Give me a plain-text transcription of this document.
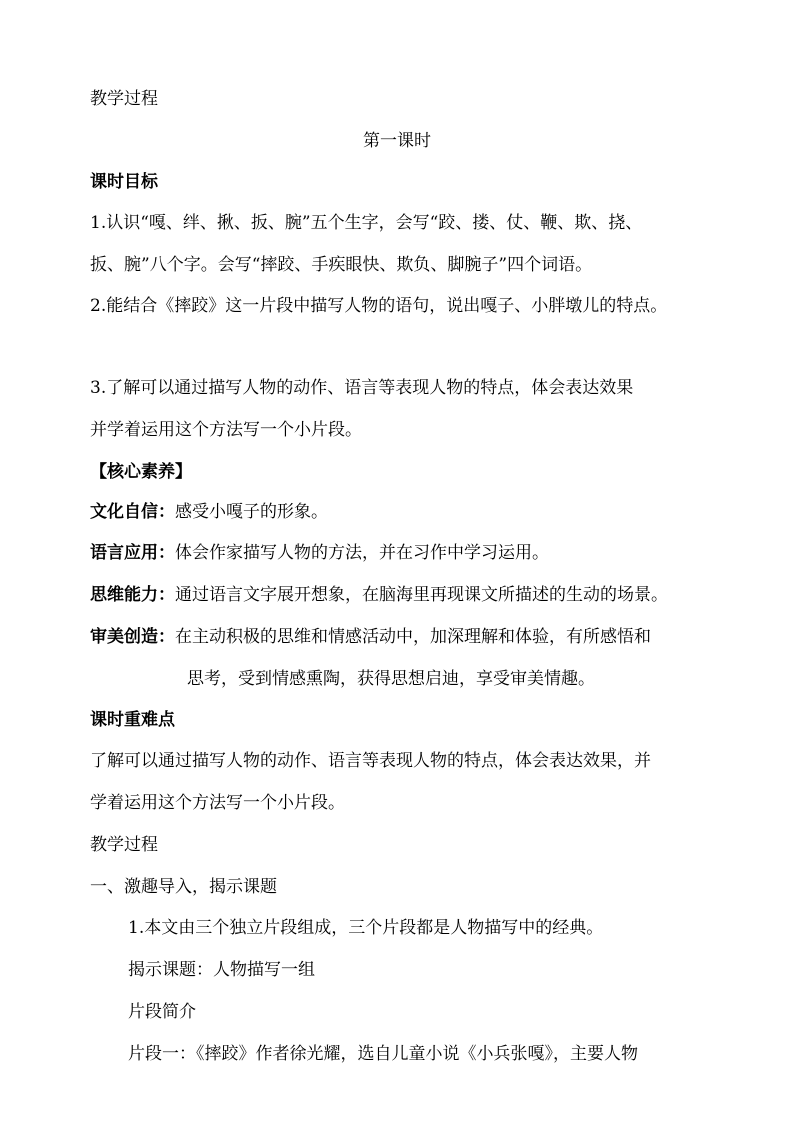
教学过程
第一课时
课时目标
1.认识“嘎、绊、揪、扳、腕”五个生字，会写“跤、搂、仗、鞭、欺、挠、
扳、腕”八个字。会写“摔跤、手疾眼快、欺负、脚腕子”四个词语。
2.能结合《摔跤》这一片段中描写人物的语句，说出嘎子、小胖墩儿的特点。
3.了解可以通过描写人物的动作、语言等表现人物的特点，体会表达效果
并学着运用这个方法写一个小片段。
【核心素养】
文化自信：感受小嘎子的形象。
语言应用：体会作家描写人物的方法，并在习作中学习运用。
思维能力：通过语言文字展开想象，在脑海里再现课文所描述的生动的场景。
审美创造：在主动积极的思维和情感活动中，加深理解和体验，有所感悟和
思考，受到情感熏陶，获得思想启迪，享受审美情趣。
课时重难点
了解可以通过描写人物的动作、语言等表现人物的特点，体会表达效果，并
学着运用这个方法写一个小片段。
教学过程
一、激趣导入，揭示课题
1.本文由三个独立片段组成，三个片段都是人物描写中的经典。
揭示课题：人物描写一组
片段简介
片段一：《摔跤》作者徐光耀，选自儿童小说《小兵张嘎》，主要人物
